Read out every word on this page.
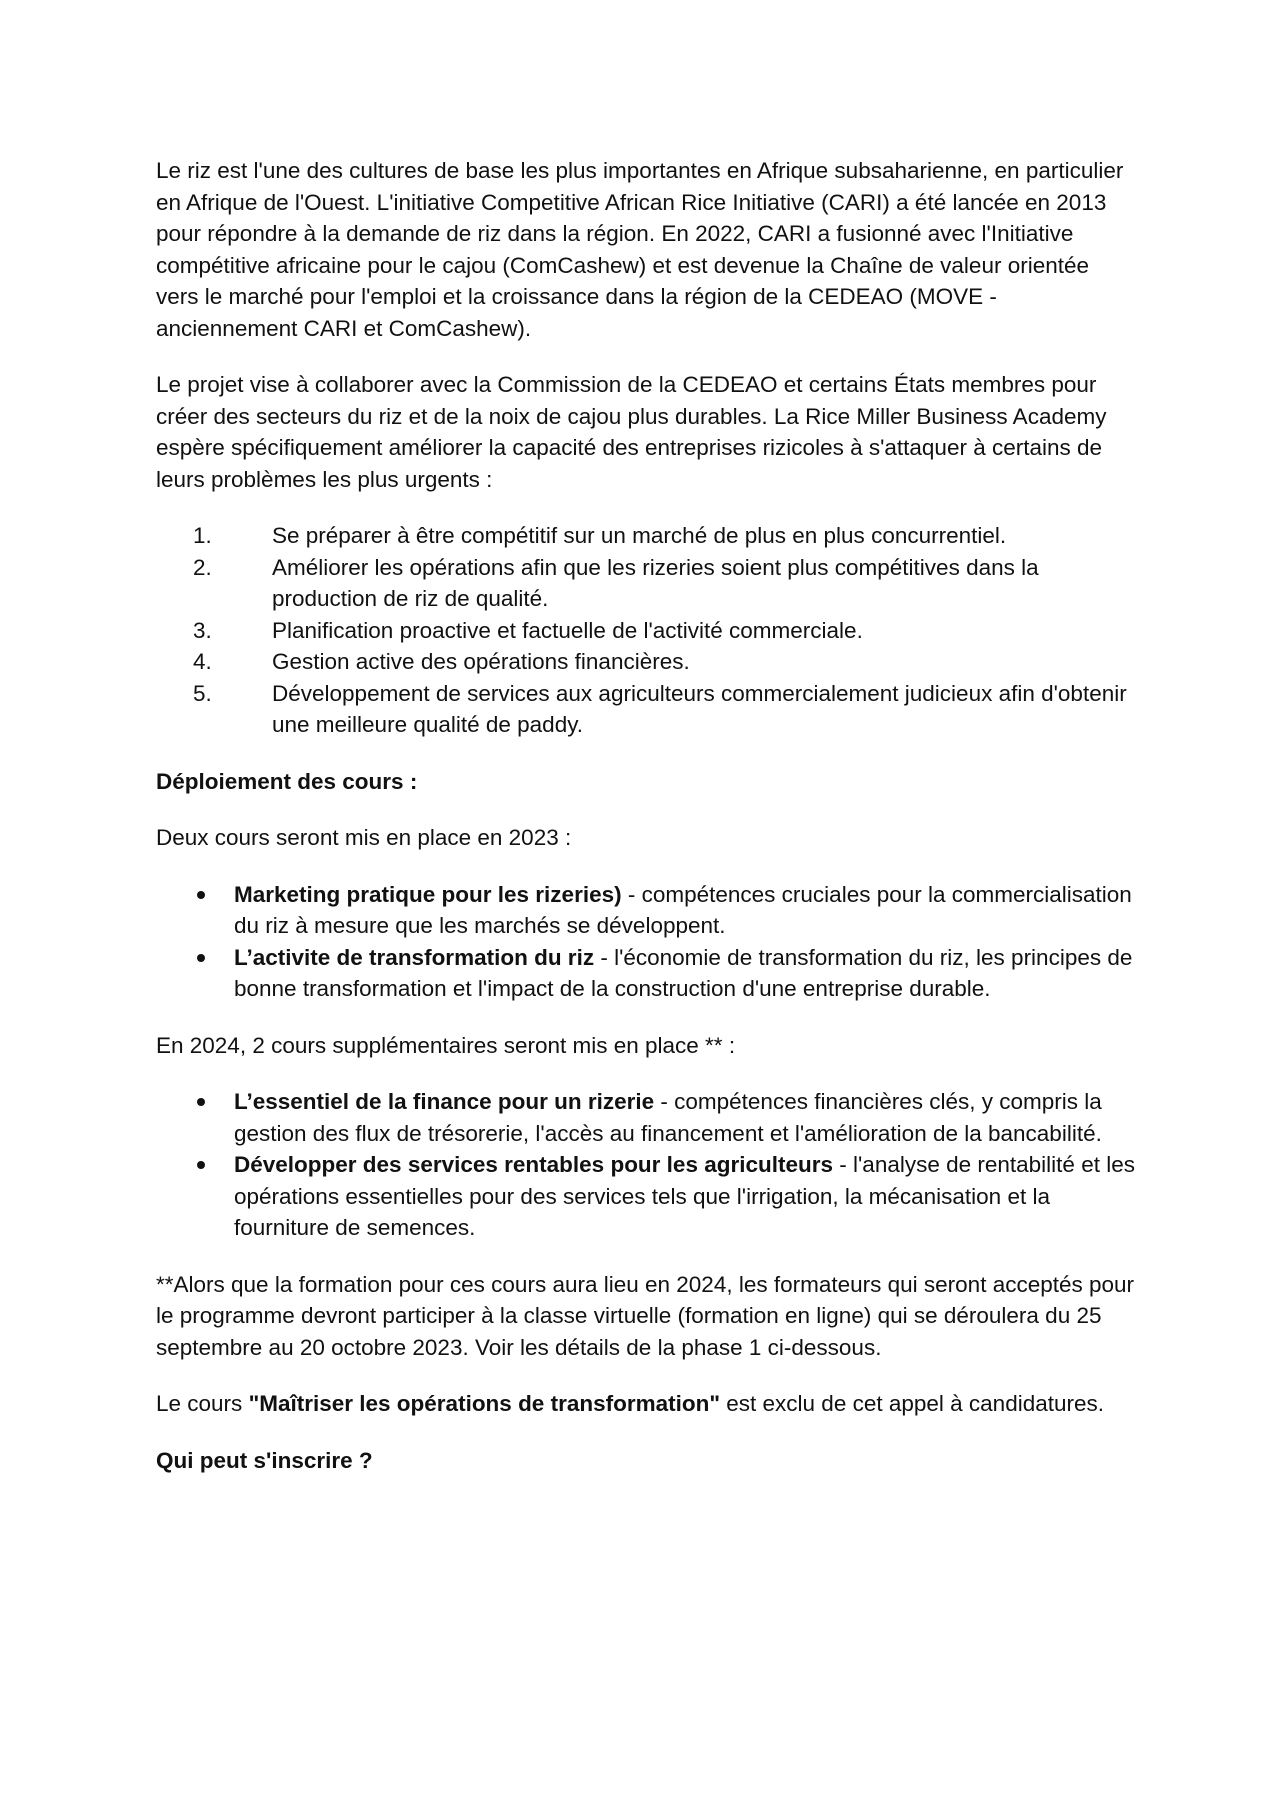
Le riz est l'une des cultures de base les plus importantes en Afrique subsaharienne, en particulier en Afrique de l'Ouest. L'initiative Competitive African Rice Initiative (CARI) a été lancée en 2013 pour répondre à la demande de riz dans la région. En 2022, CARI a fusionné avec l'Initiative compétitive africaine pour le cajou (ComCashew) et est devenue la Chaîne de valeur orientée vers le marché pour l'emploi et la croissance dans la région de la CEDEAO (MOVE - anciennement CARI et ComCashew).

Le projet vise à collaborer avec la Commission de la CEDEAO et certains États membres pour créer des secteurs du riz et de la noix de cajou plus durables. La Rice Miller Business Academy espère spécifiquement améliorer la capacité des entreprises rizicoles à s'attaquer à certains de leurs problèmes les plus urgents :

1.	Se préparer à être compétitif sur un marché de plus en plus concurrentiel.
2.	Améliorer les opérations afin que les rizeries soient plus compétitives dans la production de riz de qualité.
3.	Planification proactive et factuelle de l'activité commerciale.
4.	Gestion active des opérations financières.
5.	Développement de services aux agriculteurs commercialement judicieux afin d'obtenir une meilleure qualité de paddy.

Déploiement des cours :

Deux cours seront mis en place en 2023 :

Marketing pratique pour les rizeries) - compétences cruciales pour la commercialisation du riz à mesure que les marchés se développent.
L’activite de transformation du riz - l'économie de transformation du riz, les principes de bonne transformation et l'impact de la construction d'une entreprise durable.

En 2024, 2 cours supplémentaires seront mis en place ** :

L’essentiel de la finance pour un rizerie - compétences financières clés, y compris la gestion des flux de trésorerie, l'accès au financement et l'amélioration de la bancabilité.
Développer des services rentables pour les agriculteurs - l'analyse de rentabilité et les opérations essentielles pour des services tels que l'irrigation, la mécanisation et la fourniture de semences.

**Alors que la formation pour ces cours aura lieu en 2024, les formateurs qui seront acceptés pour le programme devront participer à la classe virtuelle (formation en ligne) qui se déroulera du 25 septembre au 20 octobre 2023. Voir les détails de la phase 1 ci-dessous.

Le cours "Maîtriser les opérations de transformation" est exclu de cet appel à candidatures.

Qui peut s'inscrire ?
